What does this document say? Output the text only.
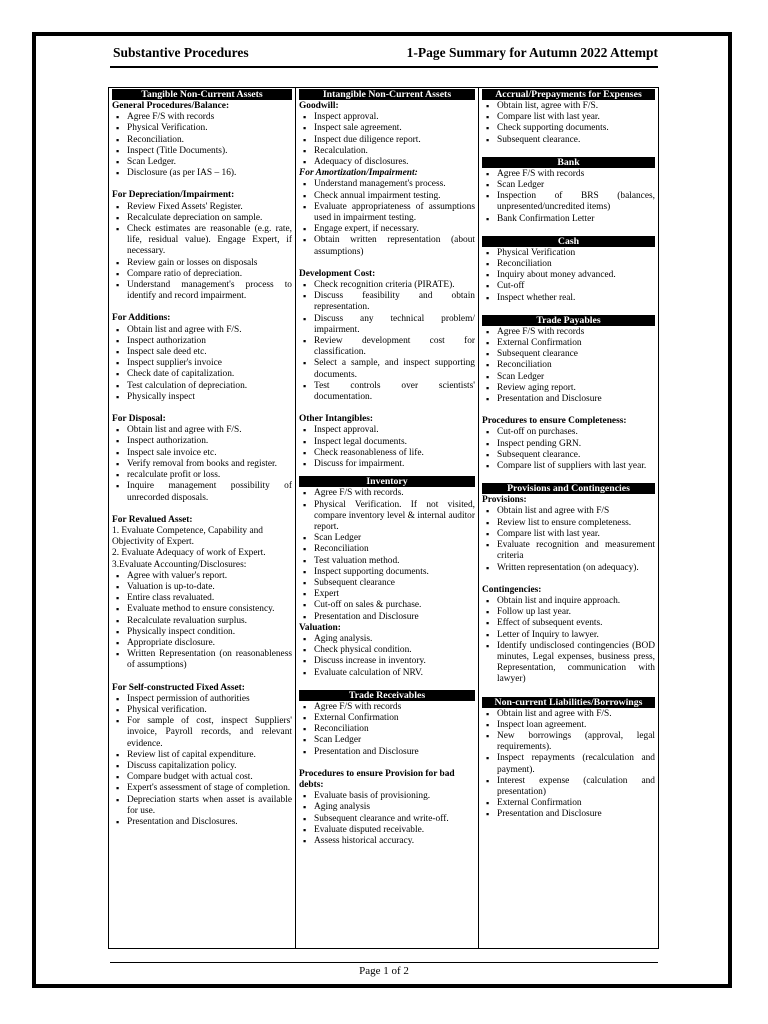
Substantive Procedures	1-Page Summary for Autumn 2022 Attempt
Tangible Non-Current Assets

General Procedures/Balance:

▪ Agree F/S with records
▪ Physical Verification.
▪ Reconciliation.
▪ Inspect (Title Documents).
▪ Scan Ledger.
▪ Disclosure (as per IAS – 16).

For Depreciation/Impairment:

▪ Review Fixed Assets' Register.
▪ Recalculate depreciation on sample.
▪ Check estimates are reasonable (e.g. rate, life, residual value). Engage Expert, if necessary.
▪ Review gain or losses on disposals
▪ Compare ratio of depreciation.
▪ Understand management's process to identify and record impairment.

For Additions:

▪ Obtain list and agree with F/S.
▪ Inspect authorization
▪ Inspect sale deed etc.
▪ Inspect supplier's invoice
▪ Check date of capitalization.
▪ Test calculation of depreciation.
▪ Physically inspect

For Disposal:

▪ Obtain list and agree with F/S.
▪ Inspect authorization.
▪ Inspect sale invoice etc.
▪ Verify removal from books and register.
▪ recalculate profit or loss.
▪ Inquire management possibility of unrecorded disposals.

For Revalued Asset:

1. Evaluate Competence, Capability and Objectivity of Expert.

2. Evaluate Adequacy of work of Expert.

3.Evaluate Accounting/Disclosures:

▪ Agree with valuer's report.
▪ Valuation is up-to-date.
▪ Entire class revaluated.
▪ Evaluate method to ensure consistency.
▪ Recalculate revaluation surplus.
▪ Physically inspect condition.
▪ Appropriate disclosure.
▪ Written Representation (on reasonableness of assumptions)

For Self-constructed Fixed Asset:

▪ Inspect permission of authorities
▪ Physical verification.
▪ For sample of cost, inspect Suppliers' invoice, Payroll records, and relevant evidence.
▪ Review list of capital expenditure.
▪ Discuss capitalization policy.
▪ Compare budget with actual cost.
▪ Expert's assessment of stage of completion.
▪ Depreciation starts when asset is available for use.
▪ Presentation and Disclosures.
Intangible Non-Current Assets

Goodwill:

▪ Inspect approval.
▪ Inspect sale agreement.
▪ Inspect due diligence report.
▪ Recalculation.
▪ Adequacy of disclosures.

For Amortization/Impairment:

▪ Understand management's process.
▪ Check annual impairment testing.
▪ Evaluate appropriateness of assumptions used in impairment testing.
▪ Engage expert, if necessary.
▪ Obtain written representation (about assumptions)

Development Cost:

▪ Check recognition criteria (PIRATE).
▪ Discuss feasibility and obtain representation.
▪ Discuss any technical problem/ impairment.
▪ Review development cost for classification.
▪ Select a sample, and inspect supporting documents.
▪ Test controls over scientists' documentation.

Other Intangibles:

▪ Inspect approval.
▪ Inspect legal documents.
▪ Check reasonableness of life.
▪ Discuss for impairment.
Inventory
▪ Agree F/S with records.
▪ Physical Verification. If not visited, compare inventory level & internal auditor report.
▪ Scan Ledger
▪ Reconciliation
▪ Test valuation method.
▪ Inspect supporting documents.
▪ Subsequent clearance
▪ Expert
▪ Cut-off on sales & purchase.
▪ Presentation and Disclosure

Valuation:

▪ Aging analysis.
▪ Check physical condition.
▪ Discuss increase in inventory.
▪ Evaluate calculation of NRV.
Trade Receivables
▪ Agree F/S with records
▪ External Confirmation
▪ Reconciliation
▪ Scan Ledger
▪ Presentation and Disclosure

Procedures to ensure Provision for bad debts:

▪ Evaluate basis of provisioning.
▪ Aging analysis
▪ Subsequent clearance and write-off.
▪ Evaluate disputed receivable.
▪ Assess historical accuracy.
Accrual/Prepayments for Expenses
▪ Obtain list, agree with F/S.
▪ Compare list with last year.
▪ Check supporting documents.
▪ Subsequent clearance.
Bank
▪ Agree F/S with records
▪ Scan Ledger
▪ Inspection of BRS (balances, unpresented/uncredited items)
▪ Bank Confirmation Letter
Cash
▪ Physical Verification
▪ Reconciliation
▪ Inquiry about money advanced.
▪ Cut-off
▪ Inspect whether real.
Trade Payables
▪ Agree F/S with records
▪ External Confirmation
▪ Subsequent clearance
▪ Reconciliation
▪ Scan Ledger
▪ Review aging report.
▪ Presentation and Disclosure

Procedures to ensure Completeness:

▪ Cut-off on purchases.
▪ Inspect pending GRN.
▪ Subsequent clearance.
▪ Compare list of suppliers with last year.
Provisions and Contingencies

Provisions:

▪ Obtain list and agree with F/S
▪ Review list to ensure completeness.
▪ Compare list with last year.
▪ Evaluate recognition and measurement criteria
▪ Written representation (on adequacy).

Contingencies:

▪ Obtain list and inquire approach.
▪ Follow up last year.
▪ Effect of subsequent events.
▪ Letter of Inquiry to lawyer.
▪ Identify undisclosed contingencies (BOD minutes, Legal expenses, business press, Representation, communication with lawyer)
Non-current Liabilities/Borrowings
▪ Obtain list and agree with F/S.
▪ Inspect loan agreement.
▪ New borrowings (approval, legal requirements).
▪ Inspect repayments (recalculation and payment).
▪ Interest expense (calculation and presentation)
▪ External Confirmation
▪ Presentation and Disclosure
Page 1 of 2
